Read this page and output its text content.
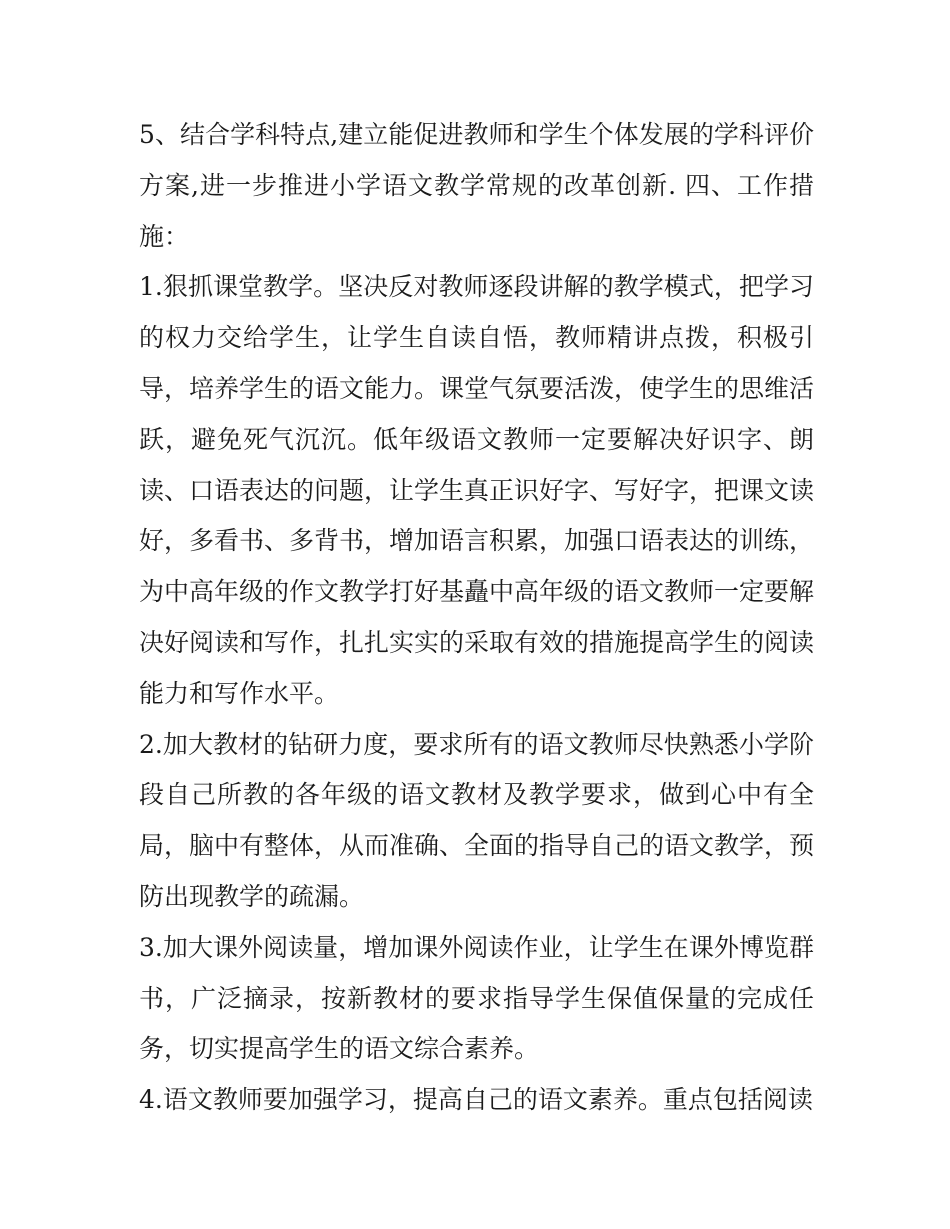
5、结合学科特点,建立能促进教师和学生个体发展的学科评价方案,进一步推进小学语文教学常规的改革创新. 四、工作措施：

1.狠抓课堂教学。坚决反对教师逐段讲解的教学模式，把学习的权力交给学生，让学生自读自悟，教师精讲点拨，积极引导，培养学生的语文能力。课堂气氛要活泼，使学生的思维活跃，避免死气沉沉。低年级语文教师一定要解决好识字、朗读、口语表达的问题，让学生真正识好字、写好字，把课文读好，多看书、多背书，增加语言积累，加强口语表达的训练，为中高年级的作文教学打好基矗中高年级的语文教师一定要解决好阅读和写作，扎扎实实的采取有效的措施提高学生的阅读能力和写作水平。

2.加大教材的钻研力度，要求所有的语文教师尽快熟悉小学阶段自己所教的各年级的语文教材及教学要求，做到心中有全局，脑中有整体，从而准确、全面的指导自己的语文教学，预防出现教学的疏漏。

3.加大课外阅读量，增加课外阅读作业，让学生在课外博览群书，广泛摘录，按新教材的要求指导学生保值保量的完成任务，切实提高学生的语文综合素养。

4.语文教师要加强学习，提高自己的语文素养。重点包括阅读
